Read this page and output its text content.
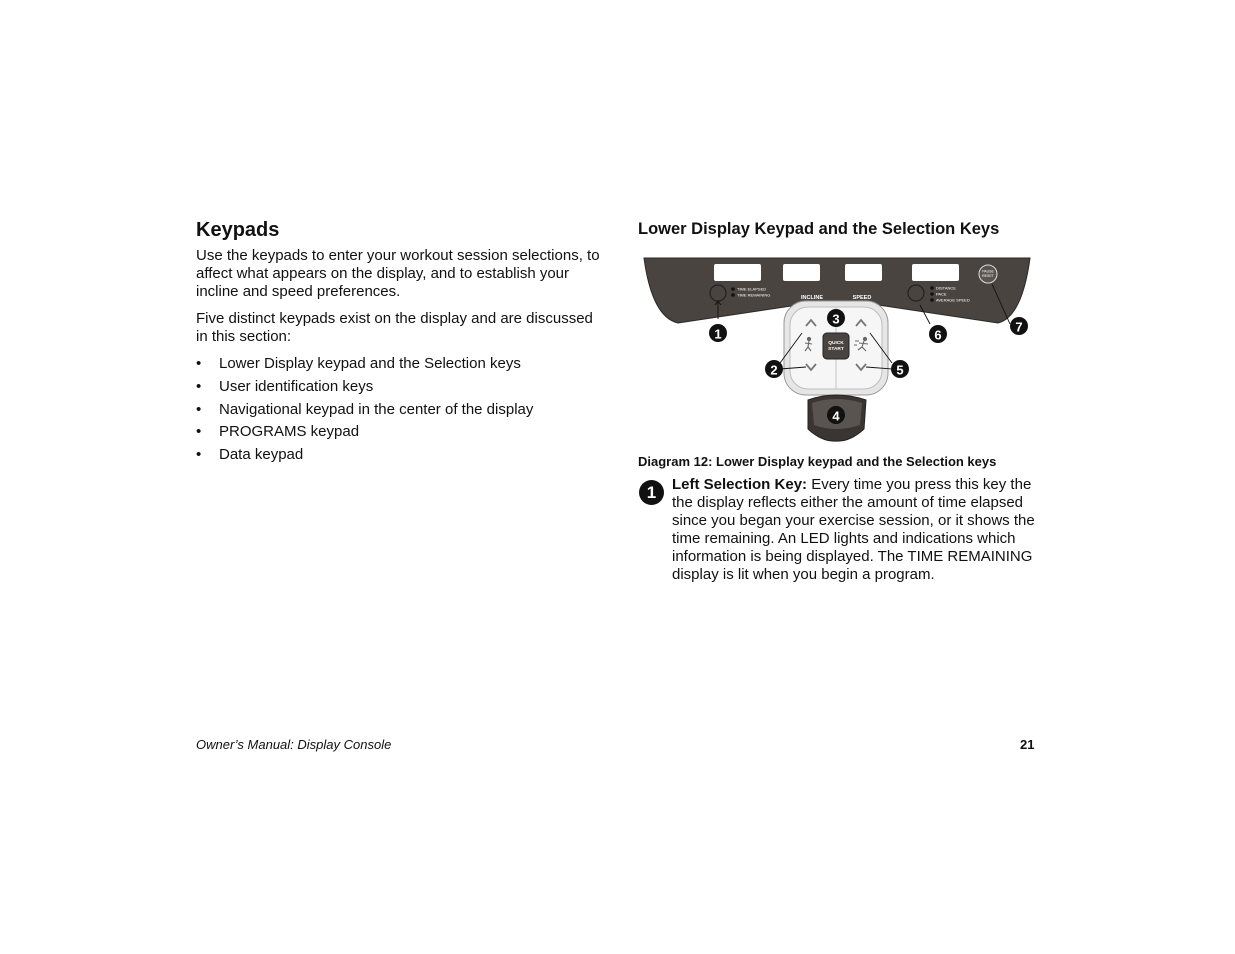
Keypads

Use the keypads to enter your workout session selections, to affect what appears on the display, and to establish your incline and speed preferences.

Five distinct keypads exist on the display and are discussed in this section:

• Lower Display keypad and the Selection keys
• User identification keys
• Navigational keypad in the center of the display
• PROGRAMS keypad
• Data keypad
Lower Display Keypad and the Selection Keys
TIME ELAPSED
TIME REMAINING
DISTANCE
PACE
AVERAGE SPEED
PAUSE
RESET
INCLINE	SPEED
QUICK
START
1
2
3
4
5
6
7

Diagram 12: Lower Display keypad and the Selection keys

1	Left Selection Key: Every time you press this key the the display reflects either the amount of time elapsed since you began your exercise session, or it shows the time remaining. An LED lights and indications which information is being displayed. The TIME REMAINING display is lit when you begin a program.

Owner’s Manual: Display Console	21
